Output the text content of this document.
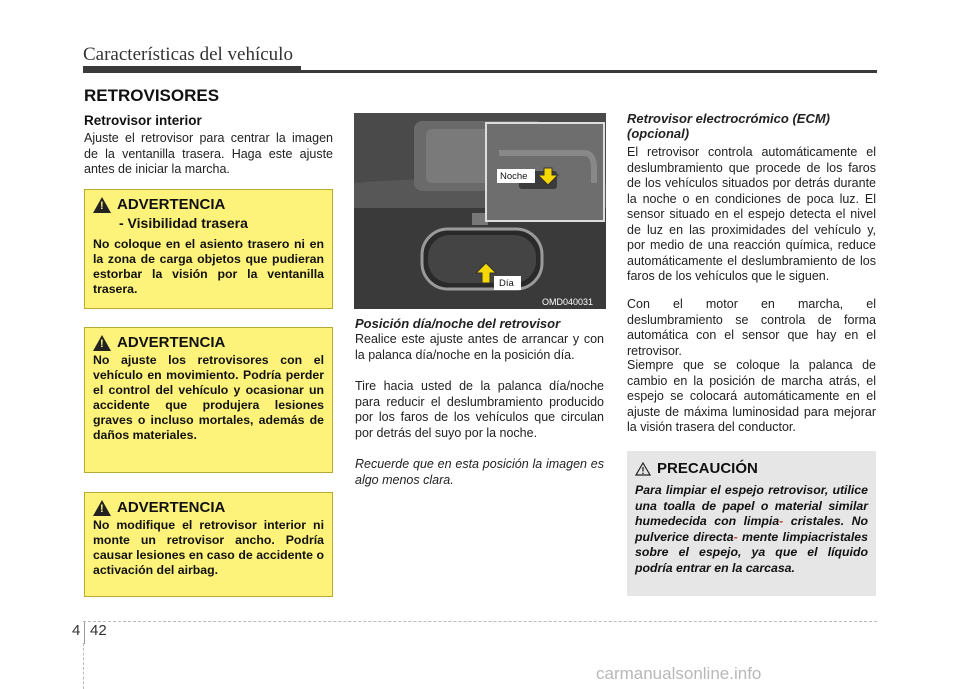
Características del vehículo
RETROVISORES
Retrovisor interior

Ajuste el retrovisor para centrar la imagen de la ventanilla trasera. Haga este ajuste antes de iniciar la marcha.

!
ADVERTENCIA
- Visibilidad trasera
No coloque en el asiento trasero ni en la zona de carga objetos que pudieran estorbar la visión por la ventanilla trasera.
!
ADVERTENCIA
No ajuste los retrovisores con el vehículo en movimiento. Podría perder el control del vehículo y ocasionar un accidente que produjera lesiones graves o incluso mortales, además de daños materiales.
!
ADVERTENCIA
No modifique el retrovisor interior ni monte un retrovisor ancho. Podría causar lesiones en caso de accidente o activación del airbag.
Noche
Día
OMD040031
Posición día/noche del retrovisor

Realice este ajuste antes de arrancar y con la palanca día/noche en la posición día.

Tire hacia usted de la palanca día/noche para reducir el deslumbramiento producido por los faros de los vehículos que circulan por detrás del suyo por la noche.

Recuerde que en esta posición la imagen es algo menos clara.

Retrovisor electrocrómico (ECM) (opcional)

El retrovisor controla automáticamente el deslumbramiento que procede de los faros de los vehículos situados por detrás durante la noche o en condiciones de poca luz. El sensor situado en el espejo detecta el nivel de luz en las proximidades del vehículo y, por medio de una reacción química, reduce automáticamente el deslumbramiento de los faros de los vehículos que le siguen.

Con el motor en marcha, el deslumbramiento se controla de forma automática con el sensor que hay en el retrovisor.

Siempre que se coloque la palanca de cambio en la posición de marcha atrás, el espejo se colocará automáticamente en el ajuste de máxima luminosidad para mejorar la visión trasera del conductor.

PRECAUCIÓN
Para limpiar el espejo retrovisor, utilice una toalla de papel o material similar humedecida con limpia- cristales. No pulverice directa- mente limpiacristales sobre el espejo, ya que el líquido podría entrar en la carcasa.
4 42
carmanualsonline.info
